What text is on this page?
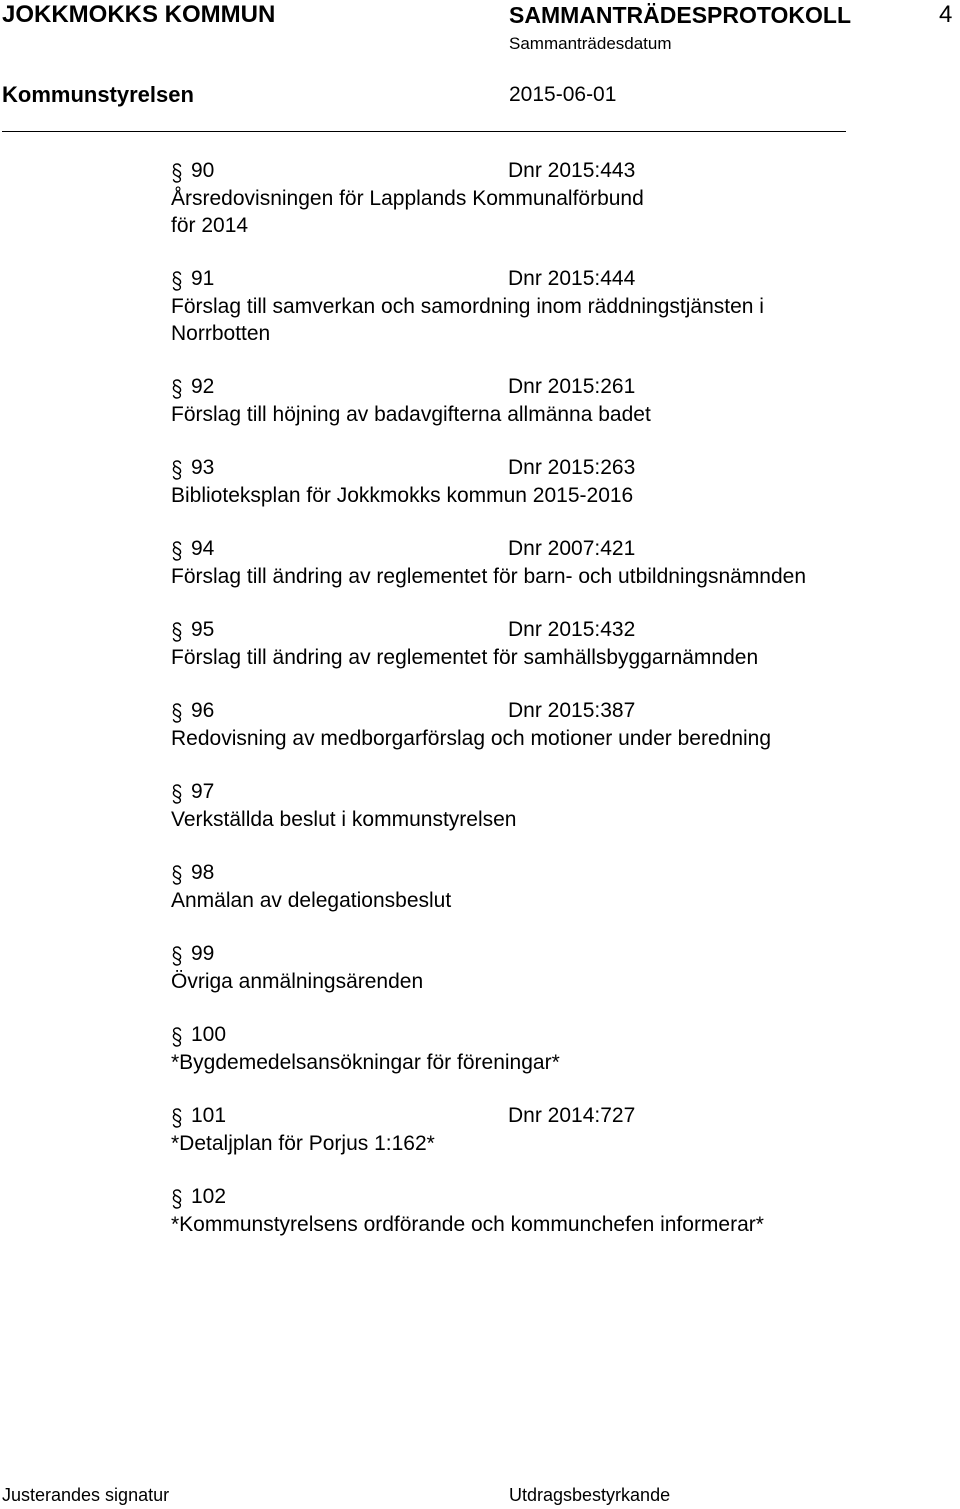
JOKKMOKKS KOMMUN	SAMMANTRÄDESPROTOKOLL	4
Sammanträdesdatum
Kommunstyrelsen	2015-06-01
90	Dnr 2015:443
Årsredovisningen för Lapplands Kommunalförbund
för 2014
91	Dnr 2015:444
Förslag till samverkan och samordning inom räddningstjänsten i
Norrbotten
92	Dnr 2015:261
Förslag till höjning av badavgifterna allmänna badet
93	Dnr 2015:263
Biblioteksplan för Jokkmokks kommun 2015-2016
94	Dnr 2007:421
Förslag till ändring av reglementet för barn- och utbildningsnämnden
95	Dnr 2015:432
Förslag till ändring av reglementet för samhällsbyggarnämnden
96	Dnr 2015:387
Redovisning av medborgarförslag och motioner under beredning
97
Verkställda beslut i kommunstyrelsen
98
Anmälan av delegationsbeslut
99
Övriga anmälningsärenden
100
*Bygdemedelsansökningar för föreningar*
101	Dnr 2014:727
*Detaljplan för Porjus 1:162*
102
*Kommunstyrelsens ordförande och kommunchefen informerar*
Justerandes signatur	Utdragsbestyrkande
